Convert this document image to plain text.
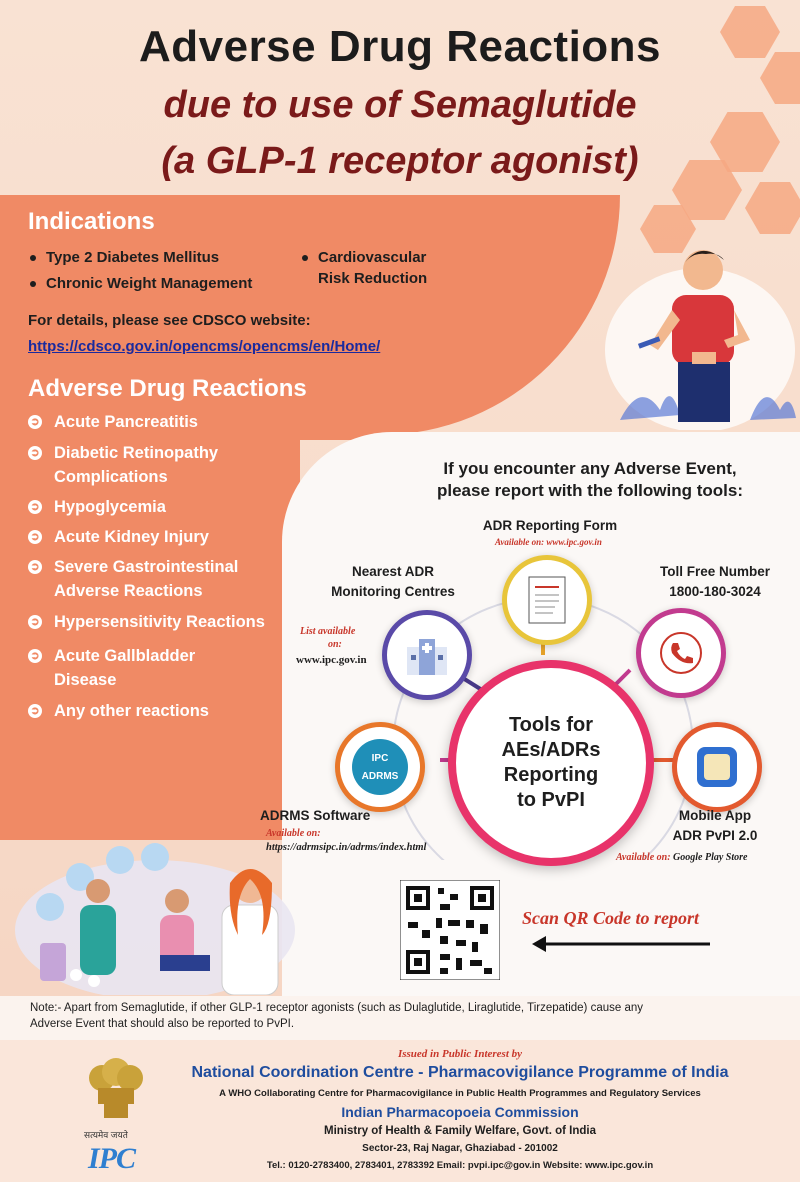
Adverse Drug Reactions
due to use of Semaglutide
(a GLP-1 receptor agonist)
Indications
Type 2 Diabetes Mellitus
Chronic Weight Management
Cardiovascular
Risk Reduction
For details, please see CDSCO website:
https://cdsco.gov.in/opencms/opencms/en/Home/
Adverse Drug Reactions
➲ Acute Pancreatitis
➲ Diabetic Retinopathy
Complications
➲ Hypoglycemia
➲ Acute Kidney Injury
➲ Severe Gastrointestinal
Adverse Reactions
➲ Hypersensitivity Reactions
➲ Acute Gallbladder
Disease
➲ Any other reactions
If you encounter any Adverse Event,
please report with the following tools:
ADR Reporting Form
Available on: www.ipc.gov.in
Toll Free Number
1800-180-3024
Nearest ADR
Monitoring Centres
List available
on:
www.ipc.gov.in
IPC
ADRMS
ADRMS Software
Available on:
https://adrmsipc.in/adrms/index.html
Mobile App
ADR PvPI 2.0
Available on: Google Play Store
Tools for
AEs/ADRs
Reporting
to PvPI
Scan QR Code to report
Note:- Apart from Semaglutide, if other GLP-1 receptor agonists (such as Dulaglutide, Liraglutide, Tirzepatide) cause any
Adverse Event that should also be reported to PvPI.
सत्यमेव जयते
IPC
Issued in Public Interest by
National Coordination Centre - Pharmacovigilance Programme of India
A WHO Collaborating Centre for Pharmacovigilance in Public Health Programmes and Regulatory Services
Indian Pharmacopoeia Commission
Ministry of Health & Family Welfare, Govt. of India
Sector-23, Raj Nagar, Ghaziabad - 201002
Tel.: 0120-2783400, 2783401, 2783392 Email: pvpi.ipc@gov.in Website: www.ipc.gov.in
